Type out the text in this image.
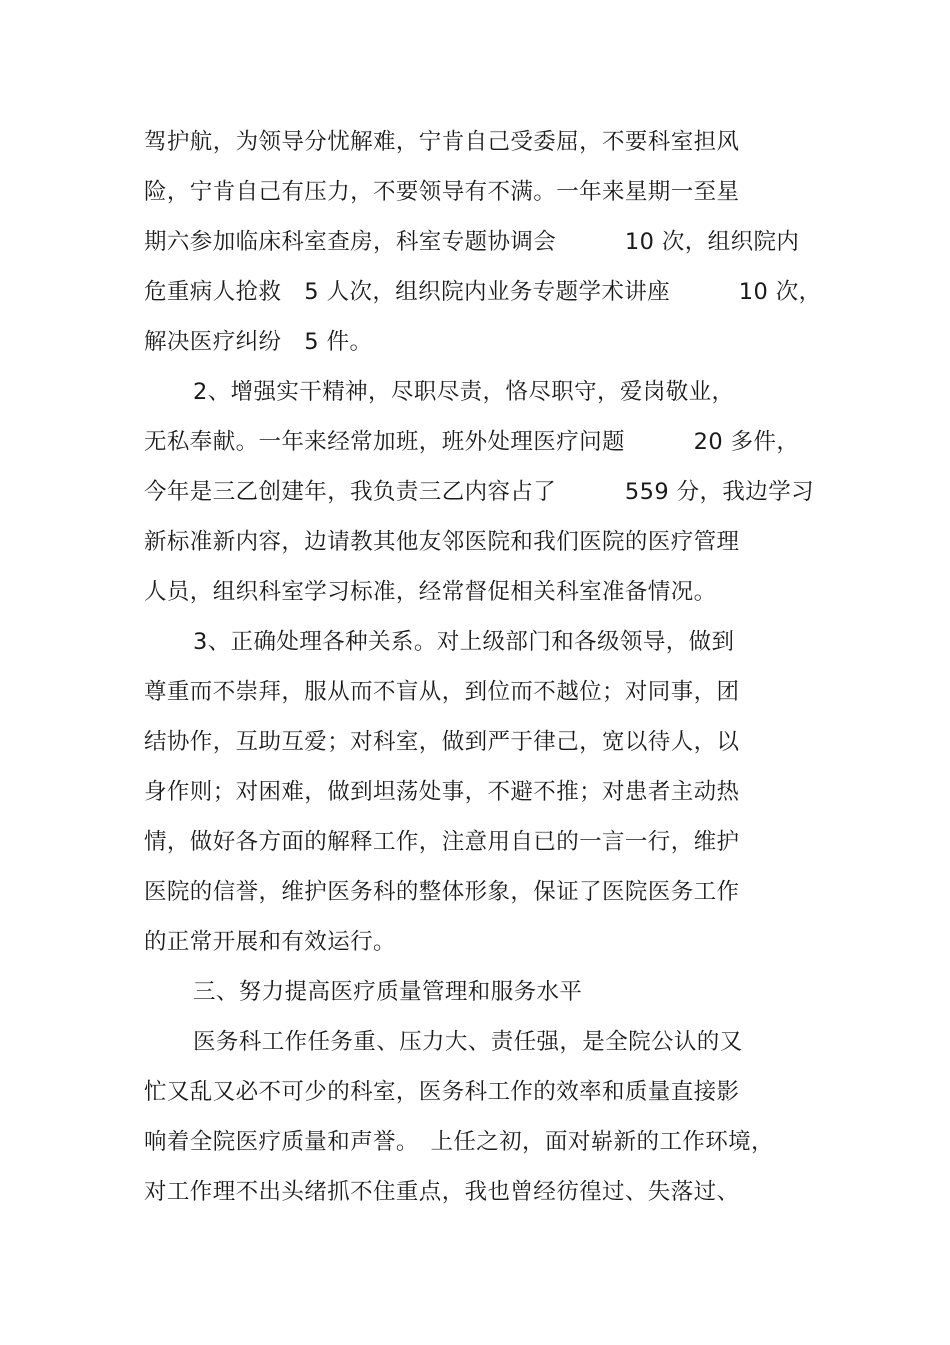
驾护航，为领导分忧解难，宁肯自己受委屈，不要科室担风
险，宁肯自己有压力，不要领导有不满。一年来星期一至星
期六参加临床科室查房，科室专题协调会　　　10 次，组织院内
危重病人抢救　5 人次，组织院内业务专题学术讲座　　　10 次，
解决医疗纠纷　5 件。
2、增强实干精神，尽职尽责，恪尽职守，爱岗敬业，
无私奉献。一年来经常加班，班外处理医疗问题　　　20 多件，
今年是三乙创建年，我负责三乙内容占了　　　559 分，我边学习
新标准新内容，边请教其他友邻医院和我们医院的医疗管理
人员，组织科室学习标准，经常督促相关科室准备情况。
3、正确处理各种关系。对上级部门和各级领导，做到
尊重而不崇拜，服从而不盲从，到位而不越位；对同事，团
结协作，互助互爱；对科室，做到严于律己，宽以待人，以
身作则；对困难，做到坦荡处事，不避不推；对患者主动热
情，做好各方面的解释工作，注意用自已的一言一行，维护
医院的信誉，维护医务科的整体形象，保证了医院医务工作
的正常开展和有效运行。
三、努力提高医疗质量管理和服务水平
医务科工作任务重、压力大、责任强，是全院公认的又
忙又乱又必不可少的科室，医务科工作的效率和质量直接影
响着全院医疗质量和声誉。　上任之初，面对崭新的工作环境，
对工作理不出头绪抓不住重点，我也曾经彷徨过、失落过、
